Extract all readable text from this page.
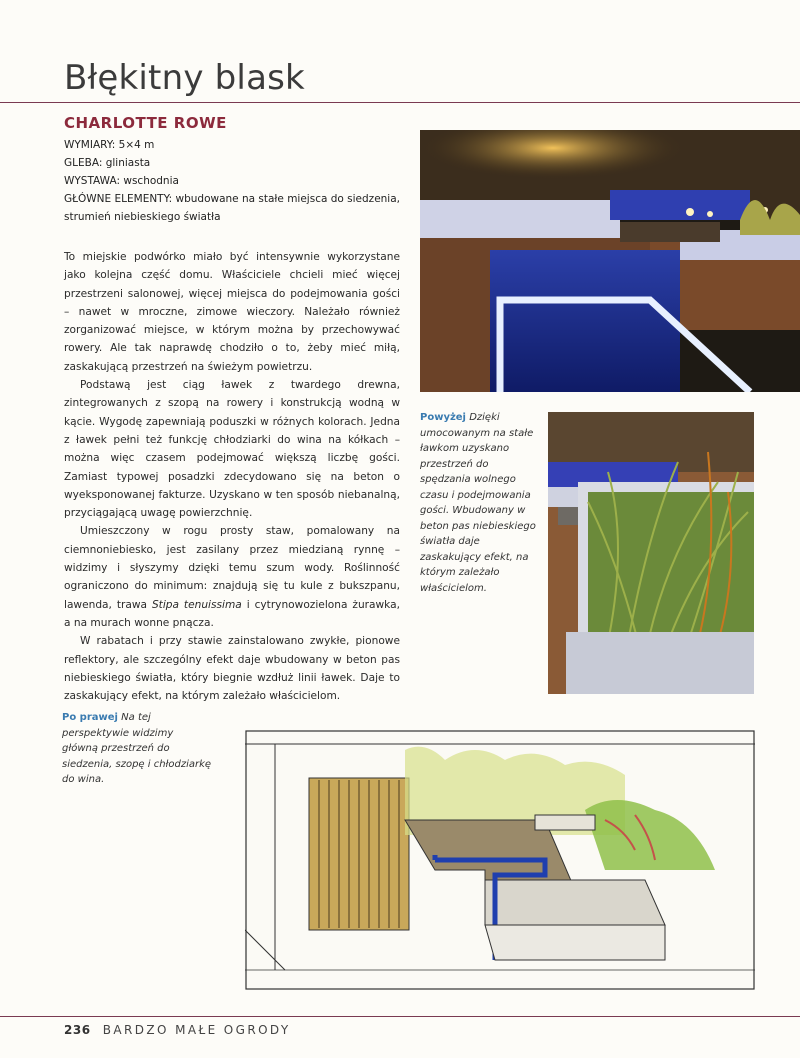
Błękitny blask
CHARLOTTE ROWE
WYMIARY: 5×4 m
GLEBA: gliniasta
WYSTAWA: wschodnia
GŁÓWNE ELEMENTY: wbudowane na stałe miejsca do siedzenia,
strumień niebieskiego światła

To miejskie podwórko miało być intensywnie wykorzystane jako kolejna część domu. Właściciele chcieli mieć więcej przestrzeni salonowej, więcej miejsca do podejmowania gości – nawet w mroczne, zimowe wieczory. Należało również zorganizować miejsce, w którym można by przechowywać rowery. Ale tak naprawdę chodziło o to, żeby mieć miłą, zaskakującą przestrzeń na świeżym powietrzu.

Podstawą jest ciąg ławek z twardego drewna, zintegrowanych z szopą na rowery i konstrukcją wodną w kącie. Wygodę zapewniają poduszki w różnych kolorach. Jedna z ławek pełni też funkcję chłodziarki do wina na kółkach – można więc czasem podejmować większą liczbę gości. Zamiast typowej posadzki zdecydowano się na beton o wyeksponowanej fakturze. Uzyskano w ten sposób niebanalną, przyciągającą uwagę powierzchnię.

Umieszczony w rogu prosty staw, pomalowany na ciemnoniebiesko, jest zasilany przez miedzianą rynnę – widzimy i słyszymy dzięki temu szum wody. Roślinność ograniczono do minimum: znajdują się tu kule z bukszpanu, lawenda, trawa Stipa tenuissima i cytrynowozielona żurawka, a na murach wonne pnącza.

W rabatach i przy stawie zainstalowano zwykłe, pionowe reflektory, ale szczególny efekt daje wbudowany w beton pas niebieskiego światła, który biegnie wzdłuż linii ławek. Daje to zaskakujący efekt, na którym zależało właścicielom.

Powyżej Dzięki umocowanym na stałe ławkom uzyskano przestrzeń do spędzania wolnego czasu i podejmowania gości. Wbudowany w beton pas niebieskiego światła daje zaskakujący efekt, na którym zależało właścicielom.
Po prawej Na tej perspektywie widzimy główną przestrzeń do siedzenia, szopę i chłodziarkę do wina.
236 BARDZO MAŁE OGRODY
